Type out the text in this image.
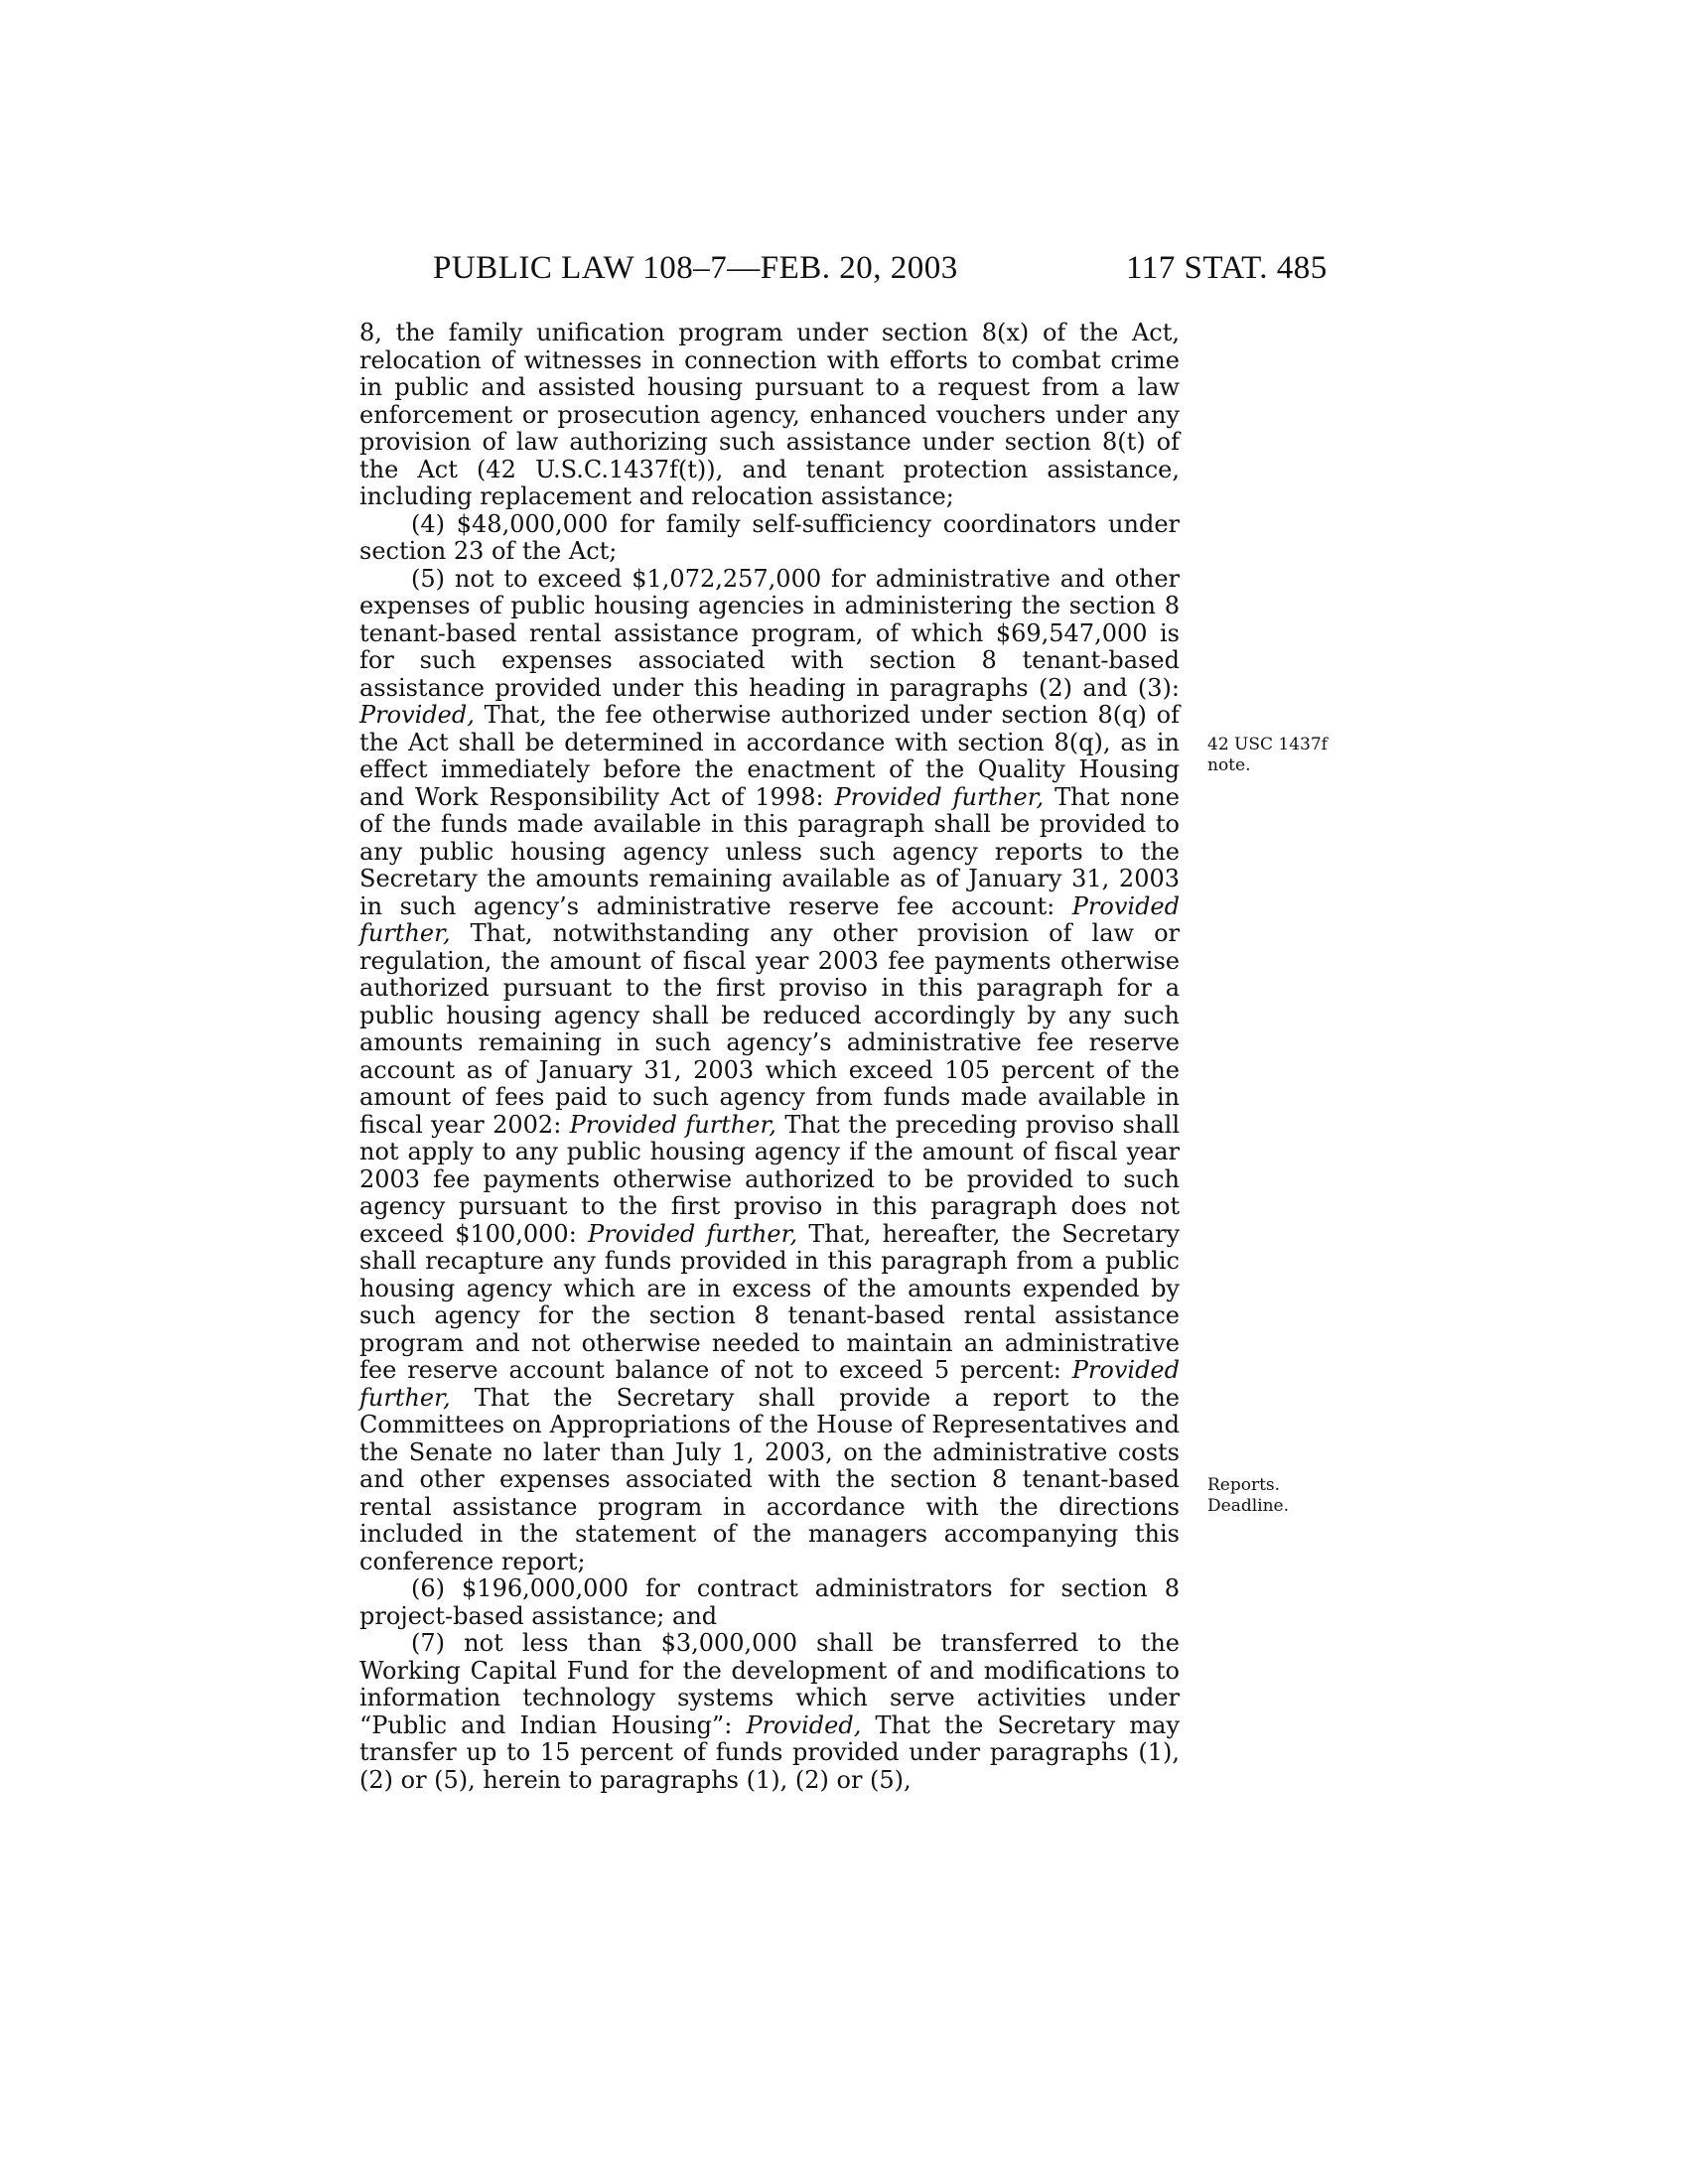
PUBLIC LAW 108–7—FEB. 20, 2003	117 STAT. 485

8, the family unification program under section 8(x) of the Act, relocation of witnesses in connection with efforts to combat crime in public and assisted housing pursuant to a request from a law enforcement or prosecution agency, enhanced vouchers under any provision of law authorizing such assistance under section 8(t) of the Act (42 U.S.C.1437f(t)), and tenant protection assistance, including replacement and relocation assistance;

(4) $48,000,000 for family self-sufficiency coordinators under section 23 of the Act;

(5) not to exceed $1,072,257,000 for administrative and other expenses of public housing agencies in administering the section 8 tenant-based rental assistance program, of which $69,547,000 is for such expenses associated with section 8 tenant-based assistance provided under this heading in paragraphs (2) and (3): Provided, That, the fee otherwise authorized under section 8(q) of the Act shall be determined in accordance with section 8(q), as in effect immediately before the enactment of the Quality Housing and Work Responsibility Act of 1998: Provided further, That none of the funds made available in this paragraph shall be provided to any public housing agency unless such agency reports to the Secretary the amounts remaining available as of January 31, 2003 in such agency’s administrative reserve fee account: Provided further, That, notwithstanding any other provision of law or regulation, the amount of fiscal year 2003 fee payments otherwise authorized pursuant to the first proviso in this paragraph for a public housing agency shall be reduced accordingly by any such amounts remaining in such agency’s administrative fee reserve account as of January 31, 2003 which exceed 105 percent of the amount of fees paid to such agency from funds made available in fiscal year 2002: Provided further, That the preceding proviso shall not apply to any public housing agency if the amount of fiscal year 2003 fee payments otherwise authorized to be provided to such agency pursuant to the first proviso in this paragraph does not exceed $100,000: Provided further, That, hereafter, the Secretary shall recapture any funds provided in this paragraph from a public housing agency which are in excess of the amounts expended by such agency for the section 8 tenant-based rental assistance program and not otherwise needed to maintain an administrative fee reserve account balance of not to exceed 5 percent: Provided further, That the Secretary shall provide a report to the Committees on Appropriations of the House of Representatives and the Senate no later than July 1, 2003, on the administrative costs and other expenses associated with the section 8 tenant-based rental assistance program in accordance with the directions included in the statement of the managers accompanying this conference report;

(6) $196,000,000 for contract administrators for section 8 project-based assistance; and

(7) not less than $3,000,000 shall be transferred to the Working Capital Fund for the development of and modifications to information technology systems which serve activities under “Public and Indian Housing”: Provided, That the Secretary may transfer up to 15 percent of funds provided under paragraphs (1), (2) or (5), herein to paragraphs (1), (2) or (5),

42 USC 1437f
note.
Reports.
Deadline.
